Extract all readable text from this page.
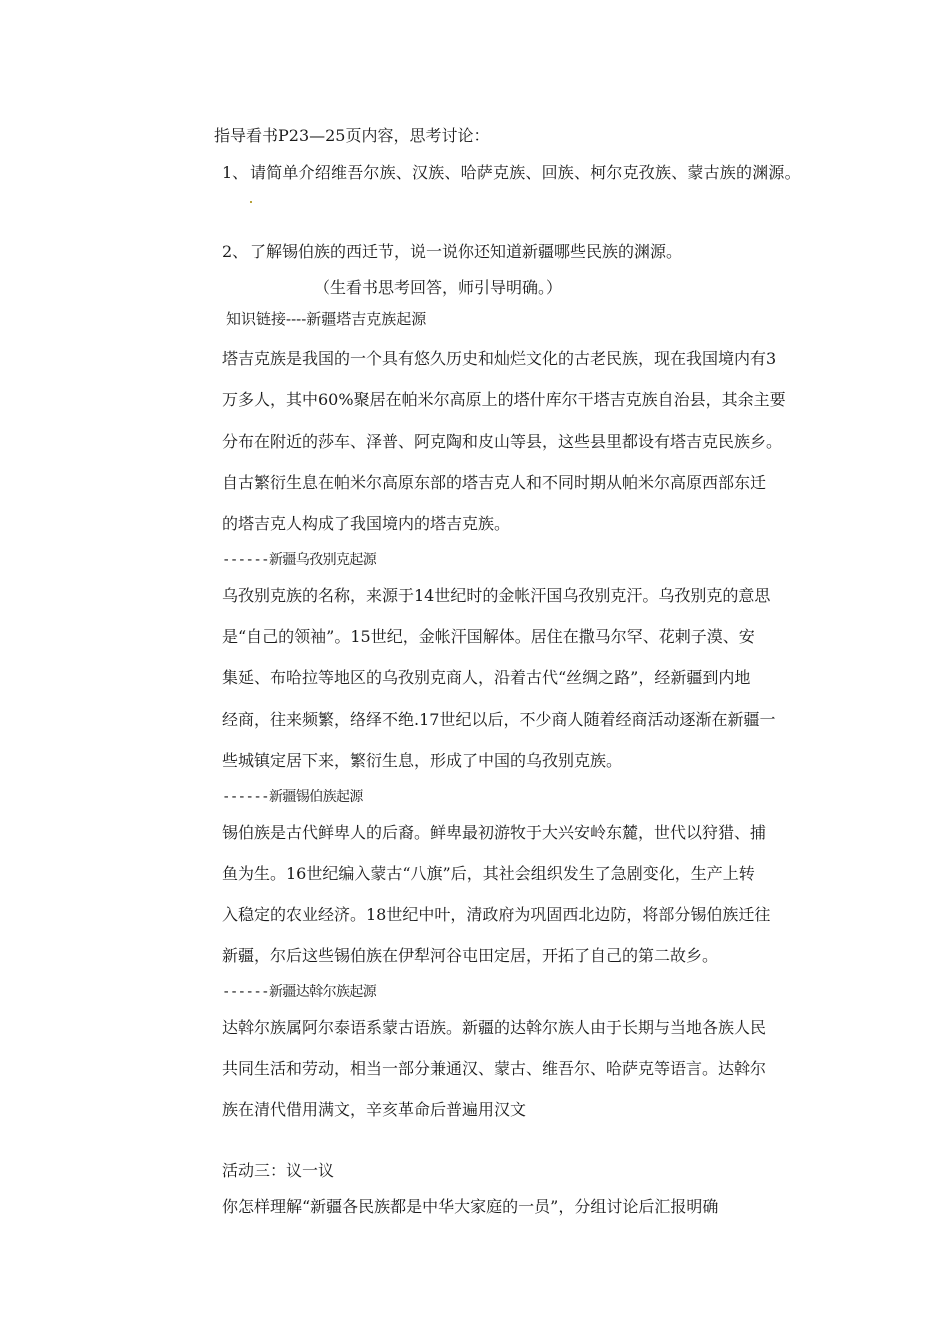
指导看书P23—25页内容，思考讨论：
1、 请简单介绍维吾尔族、汉族、哈萨克族、回族、柯尔克孜族、蒙古族的渊源。
2、 了解锡伯族的西迁节，说一说你还知道新疆哪些民族的渊源。
（生看书思考回答，师引导明确。）
知识链接----新疆塔吉克族起源
塔吉克族是我国的一个具有悠久历史和灿烂文化的古老民族，现在我国境内有3
万多人，其中60%聚居在帕米尔高原上的塔什库尔干塔吉克族自治县，其余主要
分布在附近的莎车、泽普、阿克陶和皮山等县，这些县里都设有塔吉克民族乡。
自古繁衍生息在帕米尔高原东部的塔吉克人和不同时期从帕米尔高原西部东迁
的塔吉克人构成了我国境内的塔吉克族。
------新疆乌孜别克起源
乌孜别克族的名称，来源于14世纪时的金帐汗国乌孜别克汗。乌孜别克的意思
是“自己的领袖”。15世纪，金帐汗国解体。居住在撒马尔罕、花剌子漠、安
集延、布哈拉等地区的乌孜别克商人，沿着古代“丝绸之路”，经新疆到内地
经商，往来频繁，络绎不绝.17世纪以后，不少商人随着经商活动逐渐在新疆一
些城镇定居下来，繁衍生息，形成了中国的乌孜别克族。
------新疆锡伯族起源
锡伯族是古代鲜卑人的后裔。鲜卑最初游牧于大兴安岭东麓，世代以狩猎、捕
鱼为生。16世纪编入蒙古“八旗”后，其社会组织发生了急剧变化，生产上转
入稳定的农业经济。18世纪中叶，清政府为巩固西北边防，将部分锡伯族迁往
新疆，尔后这些锡伯族在伊犁河谷屯田定居，开拓了自己的第二故乡。
------新疆达斡尔族起源
达斡尔族属阿尔泰语系蒙古语族。新疆的达斡尔族人由于长期与当地各族人民
共同生活和劳动，相当一部分兼通汉、蒙古、维吾尔、哈萨克等语言。达斡尔
族在清代借用满文，辛亥革命后普遍用汉文
活动三：议一议
你怎样理解“新疆各民族都是中华大家庭的一员”，分组讨论后汇报明确
